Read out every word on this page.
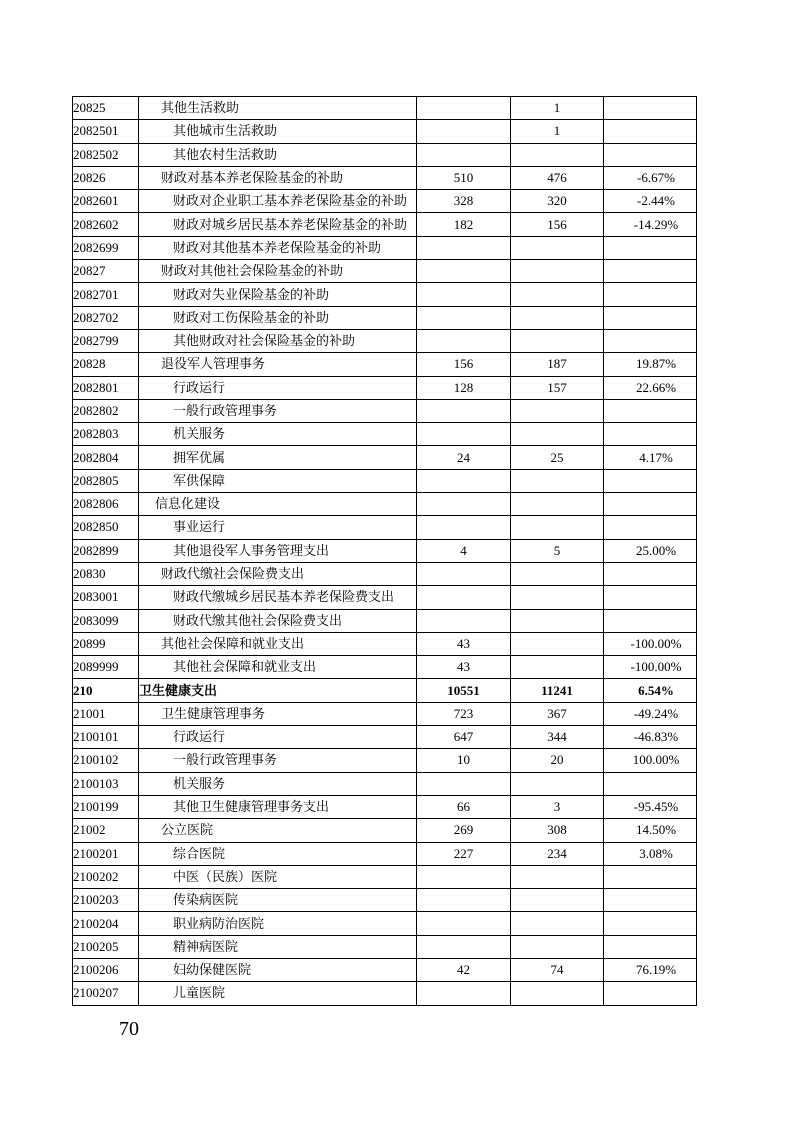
20825	其他生活救助		1	
2082501	其他城市生活救助		1	
2082502	其他农村生活救助			
20826	财政对基本养老保险基金的补助	510	476	-6.67%
2082601	财政对企业职工基本养老保险基金的补助	328	320	-2.44%
2082602	财政对城乡居民基本养老保险基金的补助	182	156	-14.29%
2082699	财政对其他基本养老保险基金的补助			
20827	财政对其他社会保险基金的补助			
2082701	财政对失业保险基金的补助			
2082702	财政对工伤保险基金的补助			
2082799	其他财政对社会保险基金的补助			
20828	退役军人管理事务	156	187	19.87%
2082801	行政运行	128	157	22.66%
2082802	一般行政管理事务			
2082803	机关服务			
2082804	拥军优属	24	25	4.17%
2082805	军供保障			
2082806	信息化建设			
2082850	事业运行			
2082899	其他退役军人事务管理支出	4	5	25.00%
20830	财政代缴社会保险费支出			
2083001	财政代缴城乡居民基本养老保险费支出			
2083099	财政代缴其他社会保险费支出			
20899	其他社会保障和就业支出	43		-100.00%
2089999	其他社会保障和就业支出	43		-100.00%
210	卫生健康支出	10551	11241	6.54%
21001	卫生健康管理事务	723	367	-49.24%
2100101	行政运行	647	344	-46.83%
2100102	一般行政管理事务	10	20	100.00%
2100103	机关服务			
2100199	其他卫生健康管理事务支出	66	3	-95.45%
21002	公立医院	269	308	14.50%
2100201	综合医院	227	234	3.08%
2100202	中医（民族）医院			
2100203	传染病医院			
2100204	职业病防治医院			
2100205	精神病医院			
2100206	妇幼保健医院	42	74	76.19%
2100207	儿童医院			
70
